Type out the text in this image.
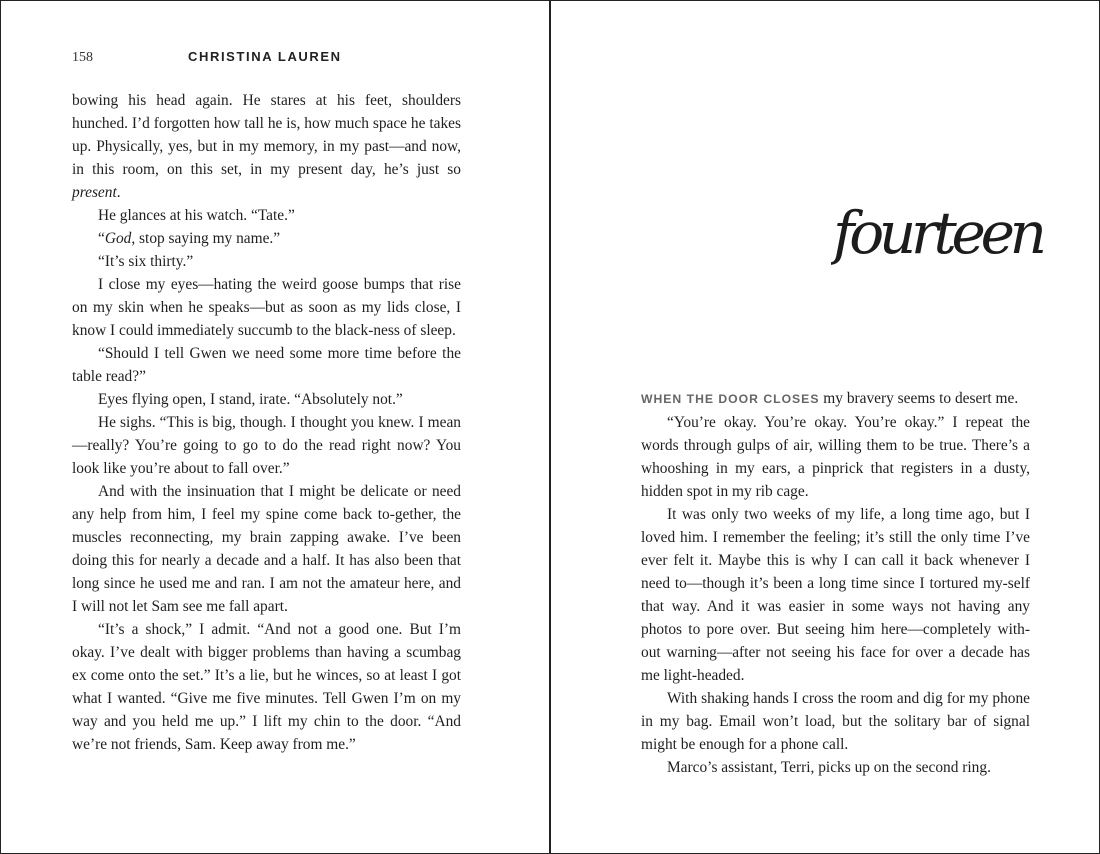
158	CHRISTINA LAUREN
bowing his head again. He stares at his feet, shoulders hunched. I’d forgotten how tall he is, how much space he takes up. Physically, yes, but in my memory, in my past—and now, in this room, on this set, in my present day, he’s just so present.
He glances at his watch. “Tate.”
“God, stop saying my name.”
“It’s six thirty.”
I close my eyes—hating the weird goose bumps that rise on my skin when he speaks—but as soon as my lids close, I know I could immediately succumb to the black-ness of sleep.
“Should I tell Gwen we need some more time before the table read?”
Eyes flying open, I stand, irate. “Absolutely not.”
He sighs. “This is big, though. I thought you knew. I mean—really? You’re going to go to do the read right now? You look like you’re about to fall over.”
And with the insinuation that I might be delicate or need any help from him, I feel my spine come back to-gether, the muscles reconnecting, my brain zapping awake. I’ve been doing this for nearly a decade and a half. It has also been that long since he used me and ran. I am not the amateur here, and I will not let Sam see me fall apart.
“It’s a shock,” I admit. “And not a good one. But I’m okay. I’ve dealt with bigger problems than having a scumbag ex come onto the set.” It’s a lie, but he winces, so at least I got what I wanted. “Give me five minutes. Tell Gwen I’m on my way and you held me up.” I lift my chin to the door. “And we’re not friends, Sam. Keep away from me.”
fourteen
WHEN THE DOOR CLOSES my bravery seems to desert me.
“You’re okay. You’re okay. You’re okay.” I repeat the words through gulps of air, willing them to be true. There’s a whooshing in my ears, a pinprick that registers in a dusty, hidden spot in my rib cage.
It was only two weeks of my life, a long time ago, but I loved him. I remember the feeling; it’s still the only time I’ve ever felt it. Maybe this is why I can call it back whenever I need to—though it’s been a long time since I tortured my-self that way. And it was easier in some ways not having any photos to pore over. But seeing him here—completely with-out warning—after not seeing his face for over a decade has me light-headed.
With shaking hands I cross the room and dig for my phone in my bag. Email won’t load, but the solitary bar of signal might be enough for a phone call.
Marco’s assistant, Terri, picks up on the second ring.
